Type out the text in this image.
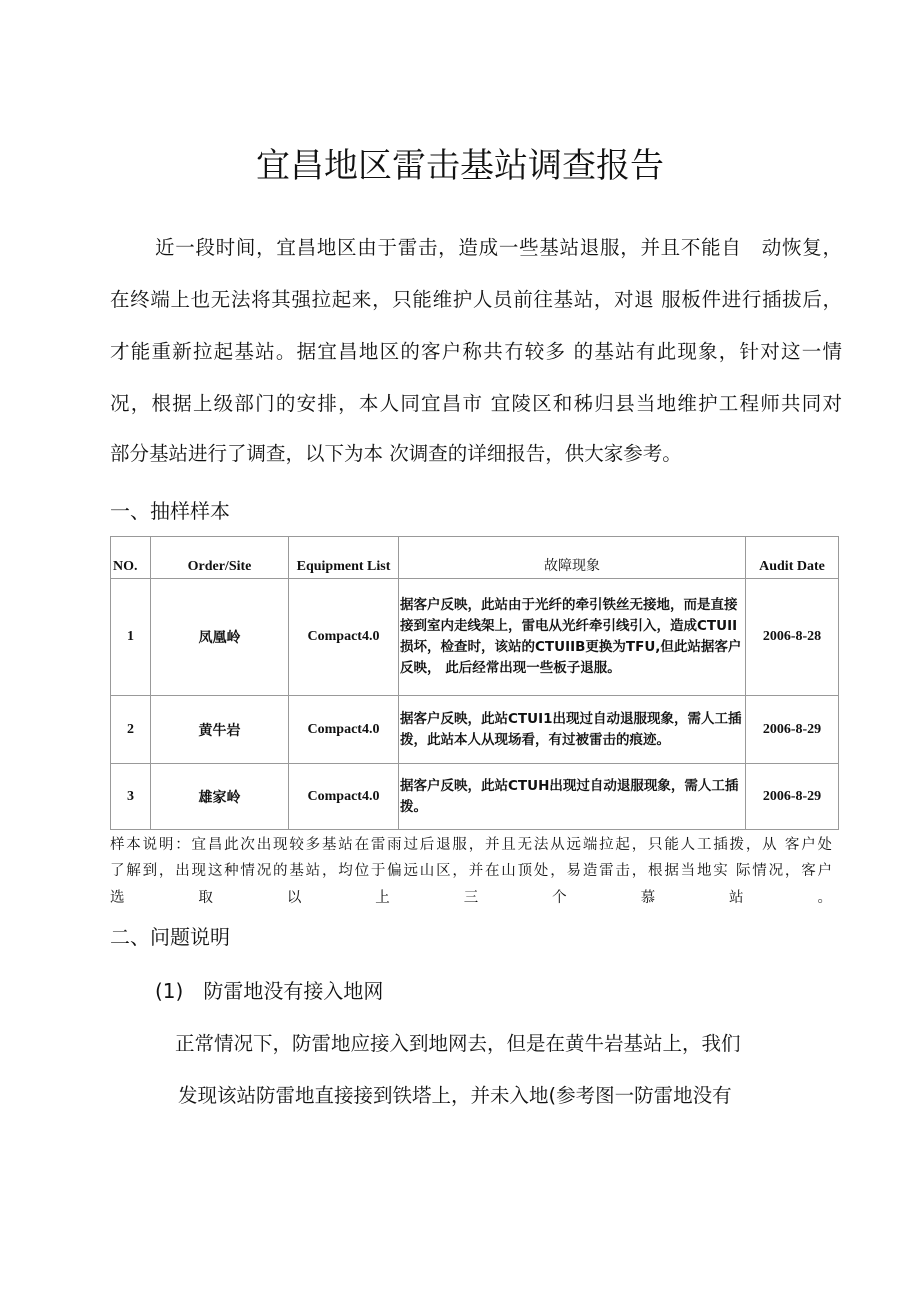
宜昌地区雷击基站调查报告
近一段时间，宜昌地区由于雷击，造成一些基站退服，并且不能自　动恢复，
在终端上也无法将其强拉起来，只能维护人员前往基站，对退 服板件进行插拔后，
才能重新拉起基站。据宜昌地区的客户称共冇较多 的基站有此现象，针对这一情
况，根据上级部门的安排，本人同宜昌市 宜陵区和秭归县当地维护工程师共同对
部分基站进行了调查，以下为本 次调查的详细报告，供大家参考。
一、抽样样本
NO.	Order/Site	Equipment List	故障现象	Audit Date
1	凤凰岭	Compact4.0	据客户反映，此站由于光纤的牵引铁丝无接地，而是直接接到室内走线架上，雷电从光纤牵引线引入，造成CTUII损坏，检查时，该站的CTUIIB更换为TFU,但此站据客户反映， 此后经常出现一些板子退服。	2006-8-28
2	黄牛岩	Compact4.0	据客户反映，此站CTUI1出现过自动退服现象，需人工插拨，此站本人从现场看，有过被雷击的痕迹。	2006-8-29
3	雄家岭	Compact4.0	据客户反映，此站CTUH出现过自动退服现象，需人工插拨。	2006-8-29
样本说明：宜昌此次出现较多基站在雷雨过后退服，并且无法从远端拉起，只能人工插拨，从 客户处
了解到，出现这种情况的基站，均位于偏远山区，并在山顶处，易造雷击，根据当地实 际情况，客户
选 取 以 上 三 个 慕 站 。
二、问题说明
(1)　防雷地没有接入地网
正常情况下，防雷地应接入到地网去，但是在黄牛岩基站上，我们
发现该站防雷地直接接到铁塔上，并未入地(参考图一防雷地没有
